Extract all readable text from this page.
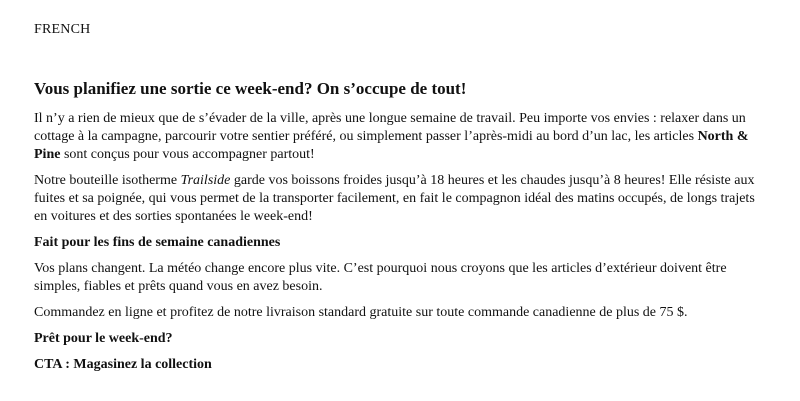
FRENCH
Vous planifiez une sortie ce week-end? On s’occupe de tout!

Il n’y a rien de mieux que de s’évader de la ville, après une longue semaine de travail. Peu importe vos envies : relaxer dans un cottage à la campagne, parcourir votre sentier préféré, ou simplement passer l’après-midi au bord d’un lac, les articles North & Pine sont conçus pour vous accompagner partout!

Notre bouteille isotherme Trailside garde vos boissons froides jusqu’à 18 heures et les chaudes jusqu’à 8 heures! Elle résiste aux fuites et sa poignée, qui vous permet de la transporter facilement, en fait le compagnon idéal des matins occupés, de longs trajets en voitures et des sorties spontanées le week-end!

Fait pour les fins de semaine canadiennes

Vos plans changent. La météo change encore plus vite. C’est pourquoi nous croyons que les articles d’extérieur doivent être simples, fiables et prêts quand vous en avez besoin.

Commandez en ligne et profitez de notre livraison standard gratuite sur toute commande canadienne de plus de 75 $.

Prêt pour le week-end?

CTA : Magasinez la collection
